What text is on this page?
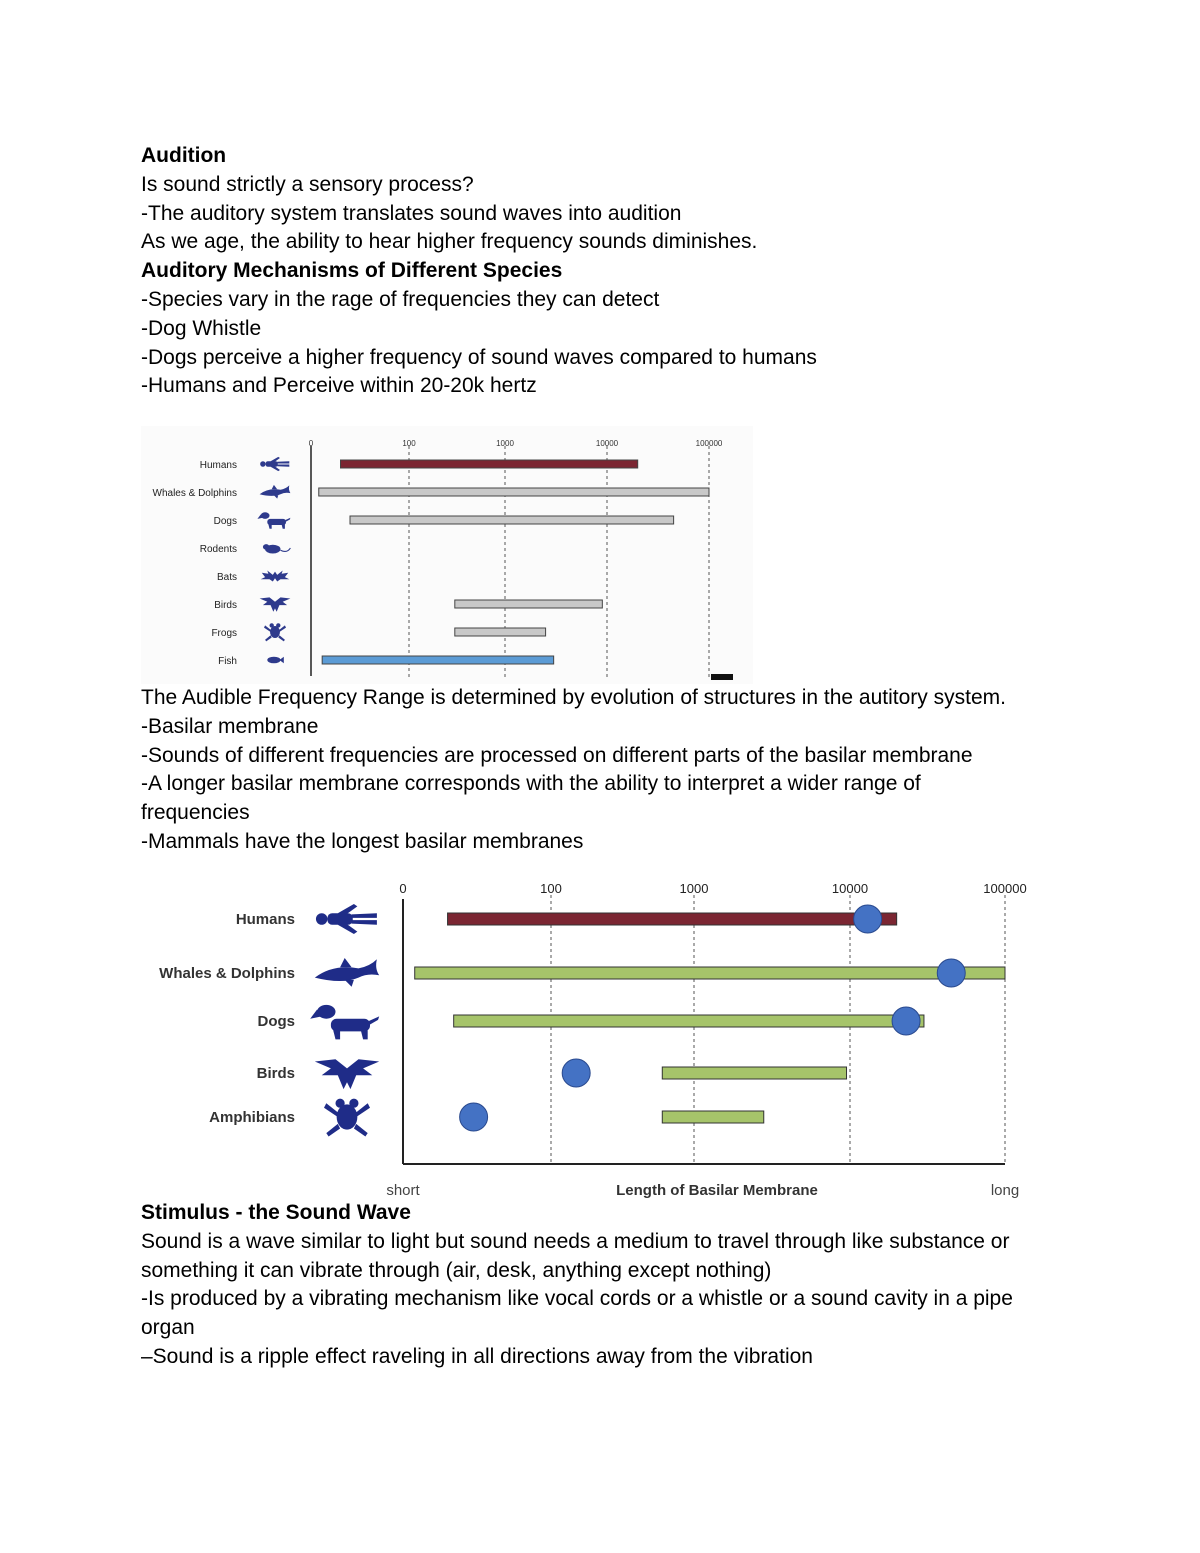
Audition

Is sound strictly a sensory process?

-The auditory system translates sound waves into audition

As we age, the ability to hear higher frequency sounds diminishes.

Auditory Mechanisms of Different Species

-Species vary in the rage of frequencies they can detect

-Dog Whistle

-Dogs perceive a higher frequency of sound waves compared to humans

-Humans and Perceive within 20-20k hertz

0	100	1000	10000	100000
Humans
Whales & Dolphins
Dogs
Rodents
Bats
Birds
Frogs
Fish

The Audible Frequency Range is determined by evolution of structures in the autitory system.

-Basilar membrane

-Sounds of different frequencies are processed on different parts of the basilar membrane

-A longer basilar membrane corresponds with the ability to interpret a wider range of

frequencies

-Mammals have the longest basilar membranes

0	100	1000	10000	100000
Humans
Whales & Dolphins
Dogs
Birds
Amphibians
short	Length of Basilar Membrane	long

Stimulus - the Sound Wave

Sound is a wave similar to light but sound needs a medium to travel through like substance or

something it can vibrate through (air, desk, anything except nothing)

-Is produced by a vibrating mechanism like vocal cords or a whistle or a sound cavity in a pipe

organ

–Sound is a ripple effect raveling in all directions away from the vibration
